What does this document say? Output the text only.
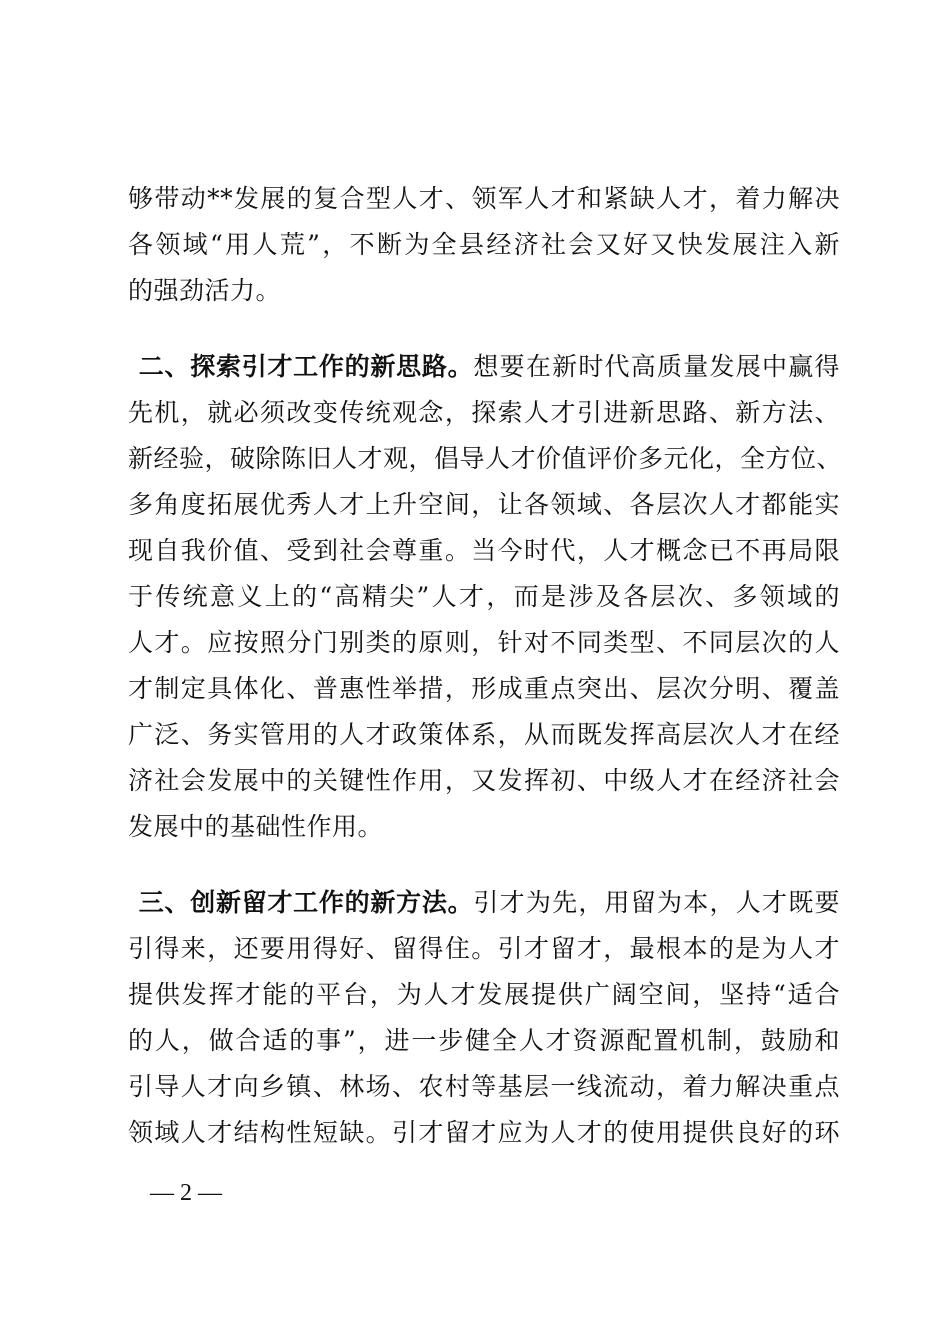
够带动**发展的复合型人才、领军人才和紧缺人才，着力解决
各领域“用人荒”，不断为全县经济社会又好又快发展注入新
的强劲活力。
二、探索引才工作的新思路。想要在新时代高质量发展中赢得
先机，就必须改变传统观念，探索人才引进新思路、新方法、
新经验，破除陈旧人才观，倡导人才价值评价多元化，全方位、
多角度拓展优秀人才上升空间，让各领域、各层次人才都能实
现自我价值、受到社会尊重。当今时代，人才概念已不再局限
于传统意义上的“高精尖”人才，而是涉及各层次、多领域的
人才。应按照分门别类的原则，针对不同类型、不同层次的人
才制定具体化、普惠性举措，形成重点突出、层次分明、覆盖
广泛、务实管用的人才政策体系，从而既发挥高层次人才在经
济社会发展中的关键性作用，又发挥初、中级人才在经济社会
发展中的基础性作用。
三、创新留才工作的新方法。引才为先，用留为本，人才既要
引得来，还要用得好、留得住。引才留才，最根本的是为人才
提供发挥才能的平台，为人才发展提供广阔空间，坚持“适合
的人，做合适的事”，进一步健全人才资源配置机制，鼓励和
引导人才向乡镇、林场、农村等基层一线流动，着力解决重点
领域人才结构性短缺。引才留才应为人才的使用提供良好的环
— 2 —
